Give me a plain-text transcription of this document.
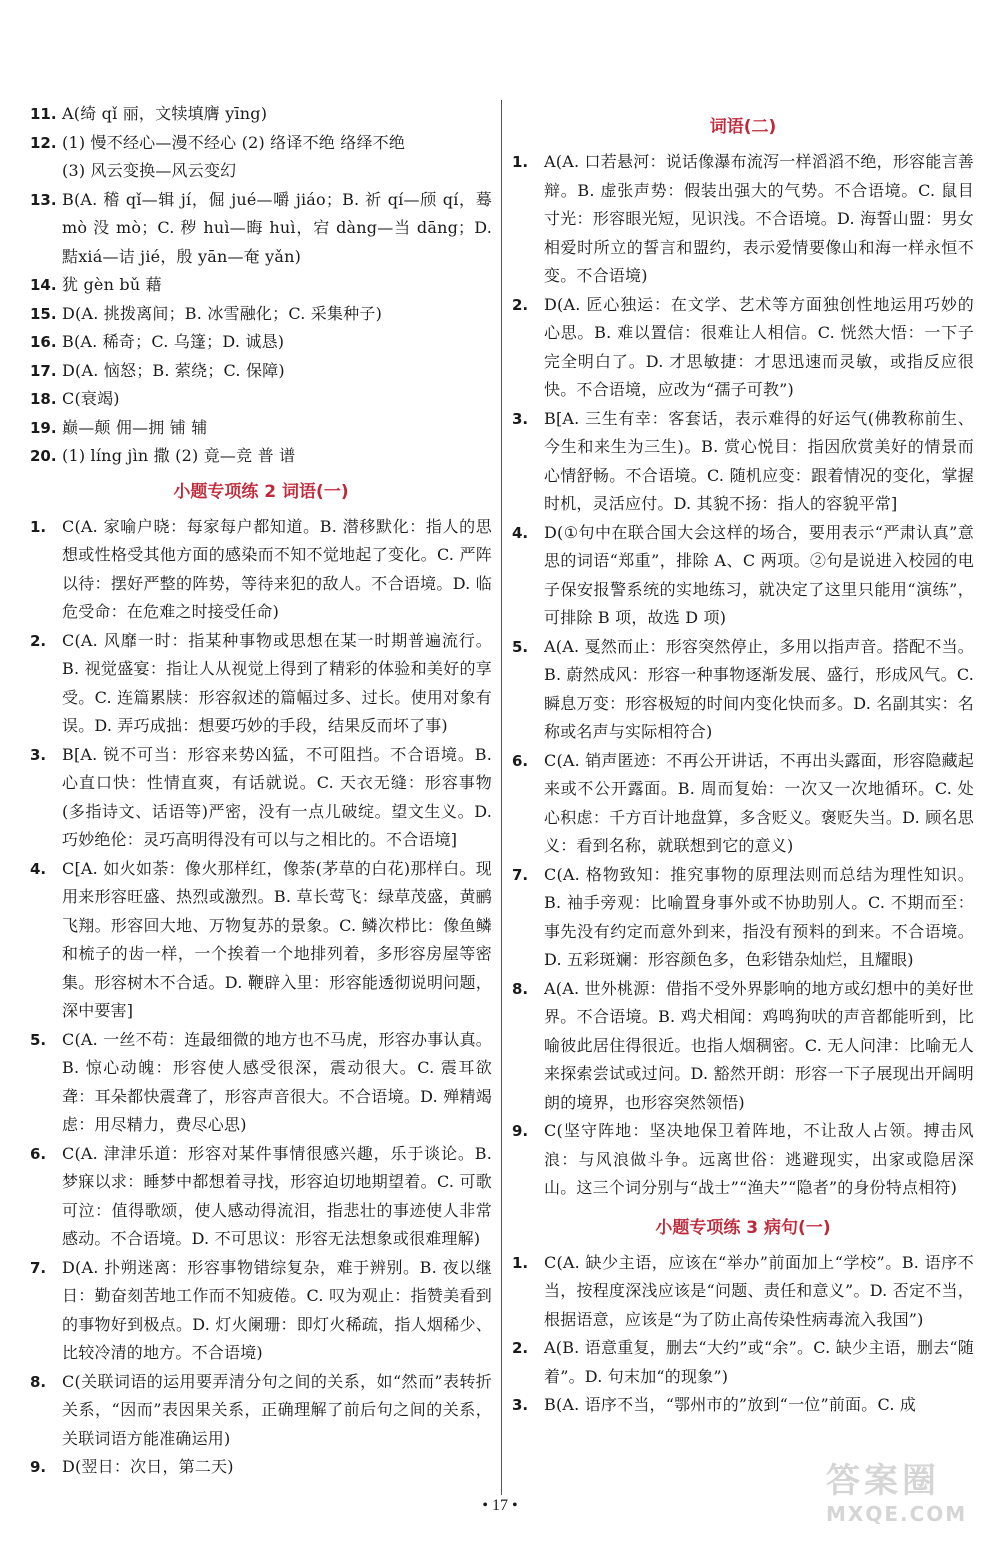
11. A(绮 qǐ 丽，文犊填膺 yīng)
12. (1) 慢不经心—漫不经心 (2) 络译不绝 络绎不绝
(3) 风云变换—风云变幻
13. B(A. 稽 qǐ—辑 jí，倔 jué—嚼 jiáo；B. 祈 qí—颀 qí，蓦 mò 没 mò；C. 秽 huì—晦 huì，宕 dàng—当 dāng；D. 黠xiá—诘 jié，殷 yān—奄 yǎn)
14. 犹 gèn bǔ 藉
15. D(A. 挑拨离间；B. 冰雪融化；C. 采集种子)
16. B(A. 稀奇；C. 乌篷；D. 诚恳)
17. D(A. 恼怒；B. 萦绕；C. 保障)
18. C(衰竭)
19. 巅—颠 佣—拥 铺 辅
20. (1) líng jìn 撒 (2) 竟—竞 普 谱
小题专项练 2 词语(一)
1. C(A. 家喻户晓：每家每户都知道。B. 潜移默化：指人的思想或性格受其他方面的感染而不知不觉地起了变化。C. 严阵以待：摆好严整的阵势，等待来犯的敌人。不合语境。D. 临危受命：在危难之时接受任命)
2. C(A. 风靡一时：指某种事物或思想在某一时期普遍流行。B. 视觉盛宴：指让人从视觉上得到了精彩的体验和美好的享受。C. 连篇累牍：形容叙述的篇幅过多、过长。使用对象有误。D. 弄巧成拙：想要巧妙的手段，结果反而坏了事)
3. B[A. 锐不可当：形容来势凶猛，不可阻挡。不合语境。B. 心直口快：性情直爽，有话就说。C. 天衣无缝：形容事物(多指诗文、话语等)严密，没有一点儿破绽。望文生义。D. 巧妙绝伦：灵巧高明得没有可以与之相比的。不合语境]
4. C[A. 如火如荼：像火那样红，像荼(茅草的白花)那样白。现用来形容旺盛、热烈或激烈。B. 草长莺飞：绿草茂盛，黄鹂飞翔。形容回大地、万物复苏的景象。C. 鳞次栉比：像鱼鳞和梳子的齿一样，一个挨着一个地排列着，多形容房屋等密集。形容树木不合适。D. 鞭辟入里：形容能透彻说明问题，深中要害]
5. C(A. 一丝不苟：连最细微的地方也不马虎，形容办事认真。B. 惊心动魄：形容使人感受很深，震动很大。C. 震耳欲聋：耳朵都快震聋了，形容声音很大。不合语境。D. 殚精竭虑：用尽精力，费尽心思)
6. C(A. 津津乐道：形容对某件事情很感兴趣，乐于谈论。B. 梦寐以求：睡梦中都想着寻找，形容迫切地期望着。C. 可歌可泣：值得歌颂，使人感动得流泪，指悲壮的事迹使人非常感动。不合语境。D. 不可思议：形容无法想象或很难理解)
7. D(A. 扑朔迷离：形容事物错综复杂，难于辨别。B. 夜以继日：勤奋刻苦地工作而不知疲倦。C. 叹为观止：指赞美看到的事物好到极点。D. 灯火阑珊：即灯火稀疏，指人烟稀少、比较冷清的地方。不合语境)
8. C(关联词语的运用要弄清分句之间的关系，如“然而”表转折关系，“因而”表因果关系，正确理解了前后句之间的关系，关联词语方能准确运用)
9. D(翌日：次日，第二天)
词语(二)
1. A(A. 口若悬河：说话像瀑布流泻一样滔滔不绝，形容能言善辩。B. 虚张声势：假装出强大的气势。不合语境。C. 鼠目寸光：形容眼光短，见识浅。不合语境。D. 海誓山盟：男女相爱时所立的誓言和盟约，表示爱情要像山和海一样永恒不变。不合语境)
2. D(A. 匠心独运：在文学、艺术等方面独创性地运用巧妙的心思。B. 难以置信：很难让人相信。C. 恍然大悟：一下子完全明白了。D. 才思敏捷：才思迅速而灵敏，或指反应很快。不合语境，应改为“孺子可教”)
3. B[A. 三生有幸：客套话，表示难得的好运气(佛教称前生、今生和来生为三生)。B. 赏心悦目：指因欣赏美好的情景而心情舒畅。不合语境。C. 随机应变：跟着情况的变化，掌握时机，灵活应付。D. 其貌不扬：指人的容貌平常]
4. D(①句中在联合国大会这样的场合，要用表示“严肃认真”意思的词语“郑重”，排除 A、C 两项。②句是说进入校园的电子保安报警系统的实地练习，就决定了这里只能用“演练”，可排除 B 项，故选 D 项)
5. A(A. 戛然而止：形容突然停止，多用以指声音。搭配不当。B. 蔚然成风：形容一种事物逐渐发展、盛行，形成风气。C. 瞬息万变：形容极短的时间内变化快而多。D. 名副其实：名称或名声与实际相符合)
6. C(A. 销声匿迹：不再公开讲话，不再出头露面，形容隐藏起来或不公开露面。B. 周而复始：一次又一次地循环。C. 处心积虑：千方百计地盘算，多含贬义。褒贬失当。D. 顾名思义：看到名称，就联想到它的意义)
7. C(A. 格物致知：推究事物的原理法则而总结为理性知识。B. 袖手旁观：比喻置身事外或不协助别人。C. 不期而至：事先没有约定而意外到来，指没有预料的到来。不合语境。D. 五彩斑斓：形容颜色多，色彩错杂灿烂，且耀眼)
8. A(A. 世外桃源：借指不受外界影响的地方或幻想中的美好世界。不合语境。B. 鸡犬相闻：鸡鸣狗吠的声音都能听到，比喻彼此居住得很近。也指人烟稠密。C. 无人问津：比喻无人来探索尝试或过问。D. 豁然开朗：形容一下子展现出开阔明朗的境界，也形容突然领悟)
9. C(坚守阵地：坚决地保卫着阵地，不让敌人占领。搏击风浪：与风浪做斗争。远离世俗：逃避现实，出家或隐居深山。这三个词分别与“战士”“渔夫”“隐者”的身份特点相符)
小题专项练 3 病句(一)
1. C(A. 缺少主语，应该在“举办”前面加上“学校”。B. 语序不当，按程度深浅应该是“问题、责任和意义”。D. 否定不当，根据语意，应该是“为了防止高传染性病毒流入我国”)
2. A(B. 语意重复，删去“大约”或“余”。C. 缺少主语，删去“随着”。D. 句末加“的现象”)
3. B(A. 语序不当，“鄂州市的”放到“一位”前面。C. 成
• 17 •
答案圈
MXQE.COM
